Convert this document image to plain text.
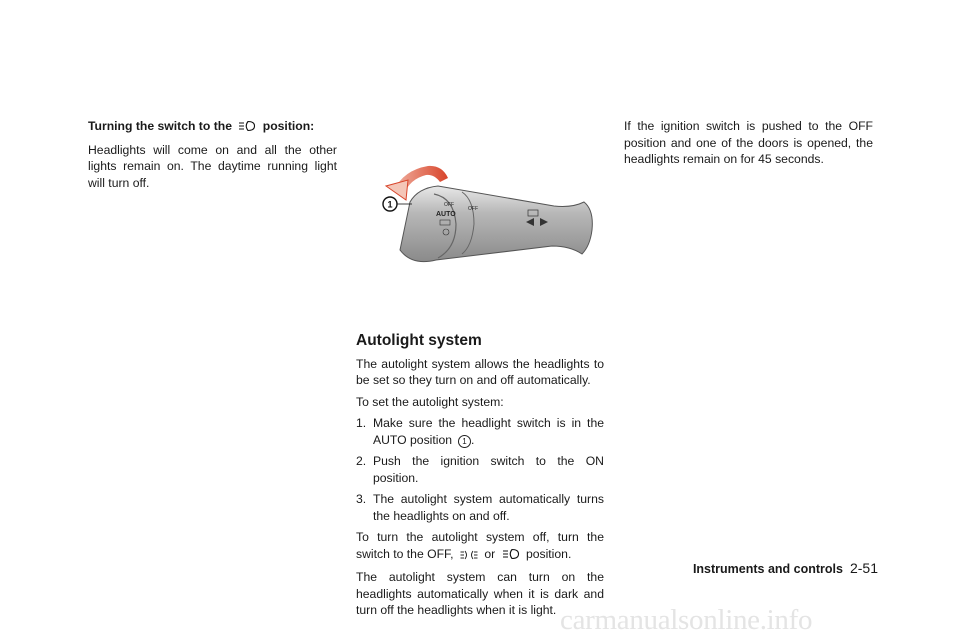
Turning the switch to the	position:

Headlights will come on and all the other lights remain on. The daytime running light will turn off.

OFF
AUTO
OFF
1
Autolight system

The autolight system allows the headlights to be set so they turn on and off automatically.

To set the autolight system:

1. Make sure the headlight switch is in the AUTO position 1 .
2. Push the ignition switch to the ON position.
3. The autolight system automatically turns the headlights on and off.

To turn the autolight system off, turn the switch to the OFF,	or	position.

The autolight system can turn on the headlights automatically when it is dark and turn off the headlights when it is light.

If the ignition switch is pushed to the OFF position and one of the doors is opened, the headlights remain on for 45 seconds.

Instruments and controls 2-51
carmanualsonline.info
